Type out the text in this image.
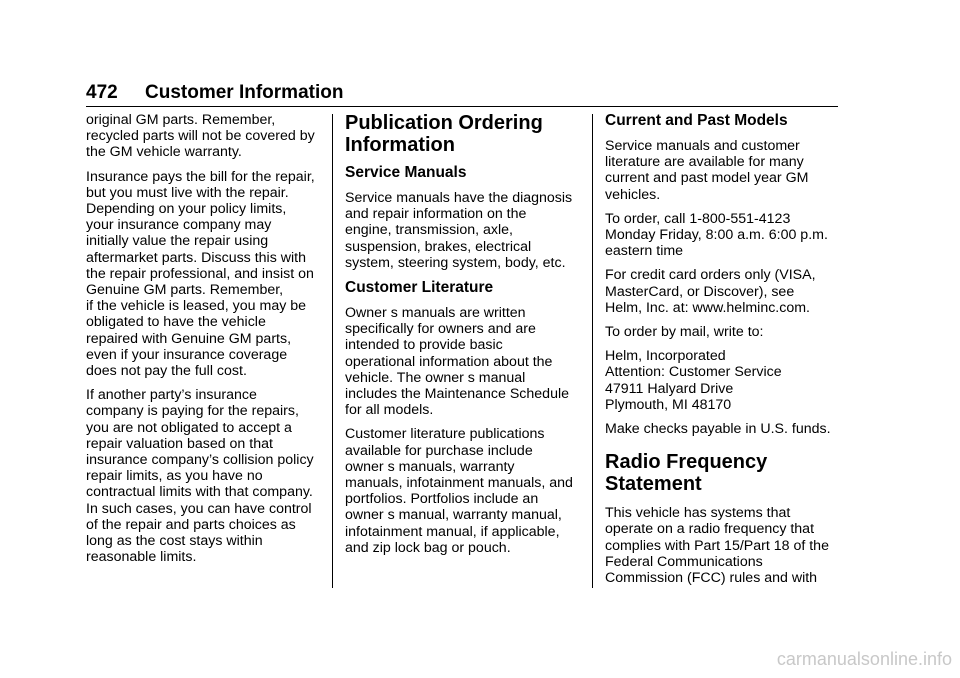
472 Customer Information

original GM parts. Remember,
recycled parts will not be covered by
the GM vehicle warranty.

Insurance pays the bill for the repair,
but you must live with the repair.
Depending on your policy limits,
your insurance company may
initially value the repair using
aftermarket parts. Discuss this with
the repair professional, and insist on
Genuine GM parts. Remember,
if the vehicle is leased, you may be
obligated to have the vehicle
repaired with Genuine GM parts,
even if your insurance coverage
does not pay the full cost.

If another party’s insurance
company is paying for the repairs,
you are not obligated to accept a
repair valuation based on that
insurance company’s collision policy
repair limits, as you have no
contractual limits with that company.
In such cases, you can have control
of the repair and parts choices as
long as the cost stays within
reasonable limits.

Publication Ordering
Information
Service Manuals

Service manuals have the diagnosis
and repair information on the
engine, transmission, axle,
suspension, brakes, electrical
system, steering system, body, etc.

Customer Literature

Owner s manuals are written
specifically for owners and are
intended to provide basic
operational information about the
vehicle. The owner s manual
includes the Maintenance Schedule
for all models.

Customer literature publications
available for purchase include
owner s manuals, warranty
manuals, infotainment manuals, and
portfolios. Portfolios include an
owner s manual, warranty manual,
infotainment manual, if applicable,
and zip lock bag or pouch.

Current and Past Models

Service manuals and customer
literature are available for many
current and past model year GM
vehicles.

To order, call 1-800-551-4123
Monday Friday, 8:00 a.m. 6:00 p.m.
eastern time

For credit card orders only (VISA,
MasterCard, or Discover), see
Helm, Inc. at: www.helminc.com.

To order by mail, write to:

Helm, Incorporated
Attention: Customer Service
47911 Halyard Drive
Plymouth, MI 48170

Make checks payable in U.S. funds.

Radio Frequency
Statement

This vehicle has systems that
operate on a radio frequency that
complies with Part 15/Part 18 of the
Federal Communications
Commission (FCC) rules and with

carmanualsonline.info
